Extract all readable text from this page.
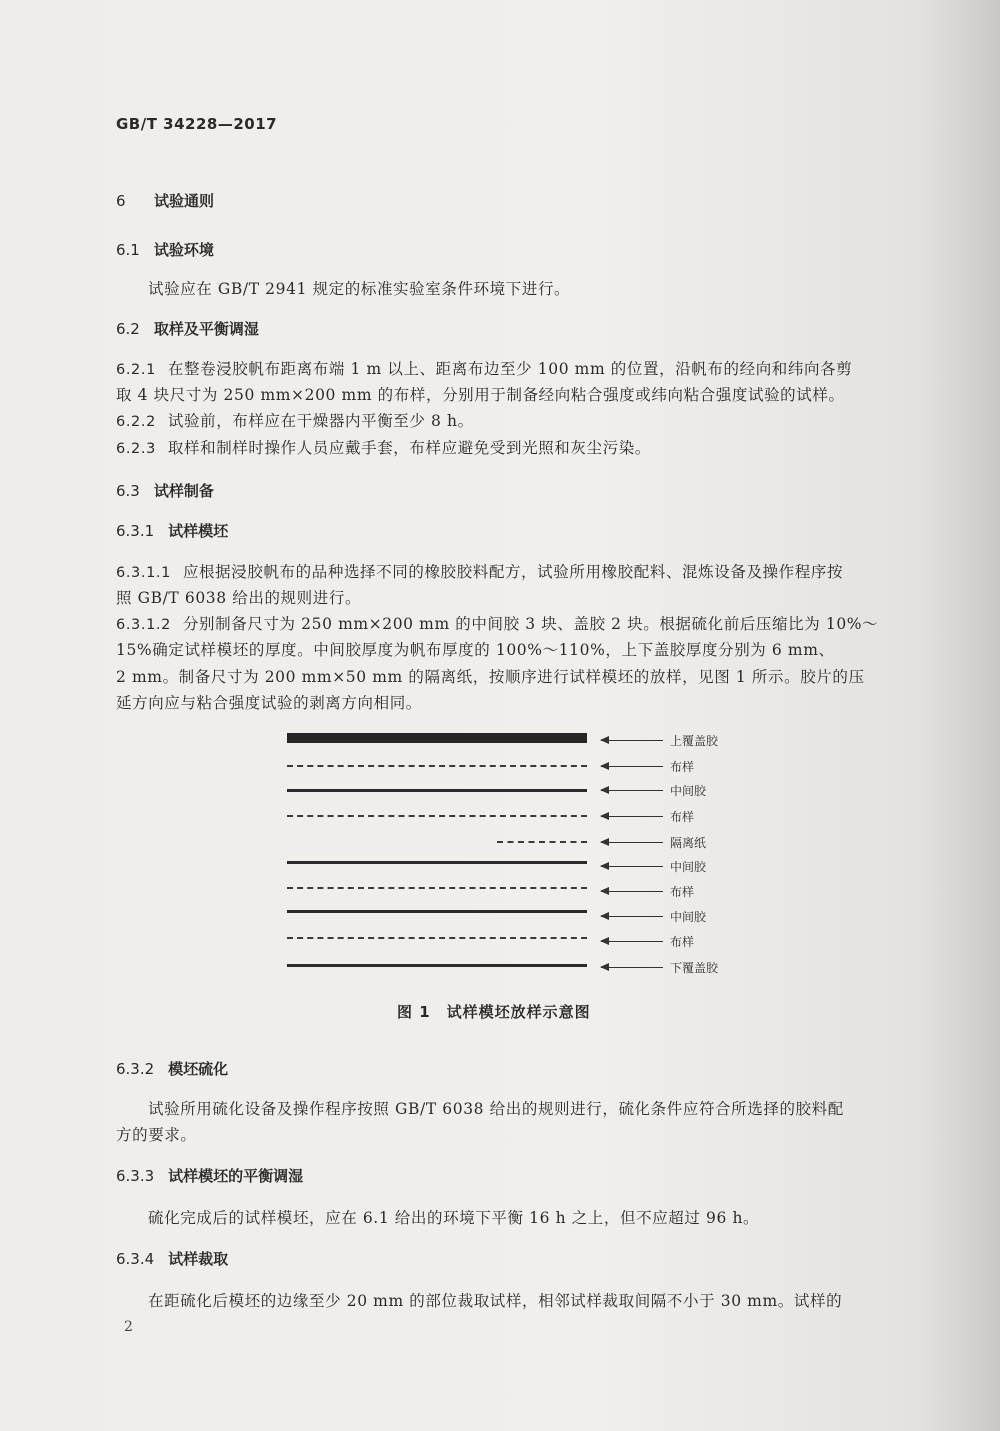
GB/T 34228—2017
6 试验通则
6.1 试验环境
试验应在 GB/T 2941 规定的标准实验室条件环境下进行。
6.2 取样及平衡调湿
6.2.1 在整卷浸胶帆布距离布端 1 m 以上、距离布边至少 100 mm 的位置，沿帆布的经向和纬向各剪
取 4 块尺寸为 250 mm×200 mm 的布样，分别用于制备经向粘合强度或纬向粘合强度试验的试样。
6.2.2 试验前，布样应在干燥器内平衡至少 8 h。
6.2.3 取样和制样时操作人员应戴手套，布样应避免受到光照和灰尘污染。
6.3 试样制备
6.3.1 试样模坯
6.3.1.1 应根据浸胶帆布的品种选择不同的橡胶胶料配方，试验所用橡胶配料、混炼设备及操作程序按
照 GB/T 6038 给出的规则进行。
6.3.1.2 分别制备尺寸为 250 mm×200 mm 的中间胶 3 块、盖胶 2 块。根据硫化前后压缩比为 10%～
15%确定试样模坯的厚度。中间胶厚度为帆布厚度的 100%～110%，上下盖胶厚度分别为 6 mm、
2 mm。制备尺寸为 200 mm×50 mm 的隔离纸，按顺序进行试样模坯的放样，见图 1 所示。胶片的压
延方向应与粘合强度试验的剥离方向相同。
上覆盖胶
布样
中间胶
布样
隔离纸
中间胶
布样
中间胶
布样
下覆盖胶
图 1　试样模坯放样示意图
6.3.2 模坯硫化
试验所用硫化设备及操作程序按照 GB/T 6038 给出的规则进行，硫化条件应符合所选择的胶料配
方的要求。
6.3.3 试样模坯的平衡调湿
硫化完成后的试样模坯，应在 6.1 给出的环境下平衡 16 h 之上，但不应超过 96 h。
6.3.4 试样裁取
在距硫化后模坯的边缘至少 20 mm 的部位裁取试样，相邻试样裁取间隔不小于 30 mm。试样的
2
